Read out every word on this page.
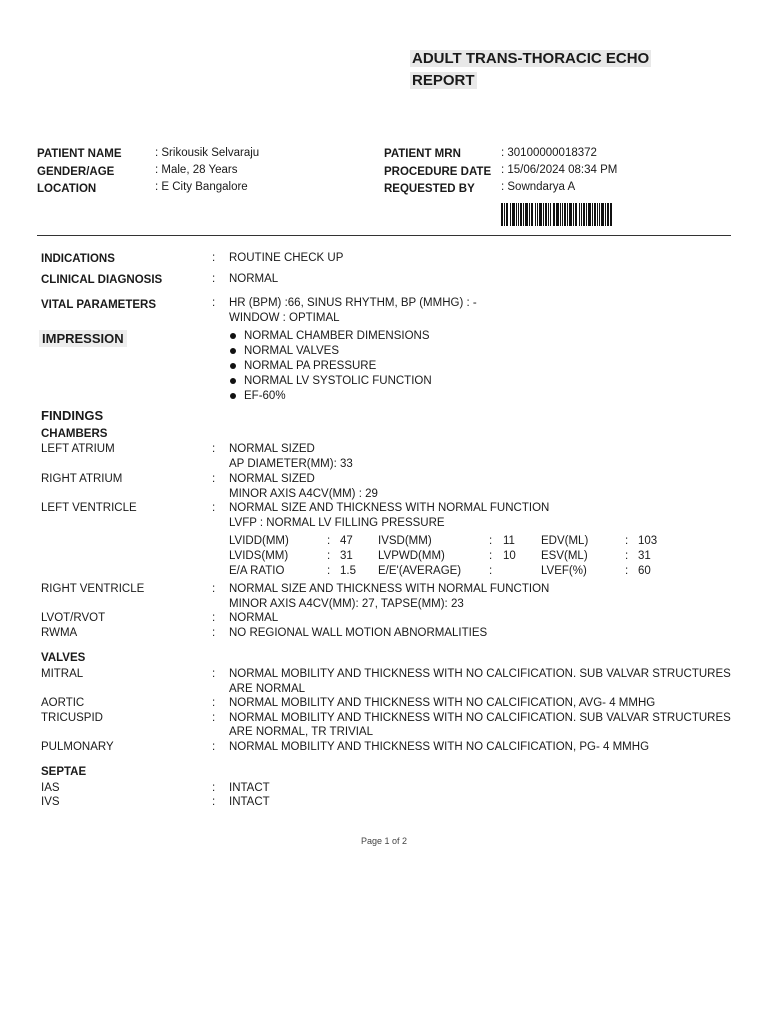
ADULT TRANS-THORACIC ECHO
REPORT
PATIENT NAME	: Srikousik Selvaraju
GENDER/AGE	: Male, 28 Years
LOCATION	: E City Bangalore
PATIENT MRN	: 30100000018372
PROCEDURE DATE : 15/06/2024 08:34 PM
REQUESTED BY : Sowndarya A
INDICATIONS	: ROUTINE CHECK UP
CLINICAL DIAGNOSIS	: NORMAL
VITAL PARAMETERS	: HR (BPM) :66, SINUS RHYTHM, BP (MMHG) : -
WINDOW : OPTIMAL
IMPRESSION	NORMAL CHAMBER DIMENSIONS
NORMAL VALVES
NORMAL PA PRESSURE
NORMAL LV SYSTOLIC FUNCTION
EF-60%
FINDINGS
CHAMBERS
LEFT ATRIUM	: NORMAL SIZED
AP DIAMETER(MM): 33
RIGHT ATRIUM	: NORMAL SIZED
MINOR AXIS A4CV(MM) : 29
LEFT VENTRICLE	: NORMAL SIZE AND THICKNESS WITH NORMAL FUNCTION
LVFP : NORMAL LV FILLING PRESSURE
LVIDD(MM)	: 47 IVSD(MM)	: 11 EDV(ML)	: 103
LVIDS(MM)	: 31 LVPWD(MM)	: 10 ESV(ML)	: 31
E/A RATIO	: 1.5 E/E'(AVERAGE) :	LVEF(%)	: 60
RIGHT VENTRICLE	: NORMAL SIZE AND THICKNESS WITH NORMAL FUNCTION
MINOR AXIS A4CV(MM): 27, TAPSE(MM): 23
LVOT/RVOT	: NORMAL
RWMA	: NO REGIONAL WALL MOTION ABNORMALITIES
VALVES
MITRAL	: NORMAL MOBILITY AND THICKNESS WITH NO CALCIFICATION. SUB VALVAR STRUCTURES
ARE NORMAL
AORTIC	: NORMAL MOBILITY AND THICKNESS WITH NO CALCIFICATION, AVG- 4 MMHG
TRICUSPID	: NORMAL MOBILITY AND THICKNESS WITH NO CALCIFICATION. SUB VALVAR STRUCTURES
ARE NORMAL, TR TRIVIAL
PULMONARY	: NORMAL MOBILITY AND THICKNESS WITH NO CALCIFICATION, PG- 4 MMHG
SEPTAE
IAS	: INTACT
IVS	: INTACT
Page 1 of 2
